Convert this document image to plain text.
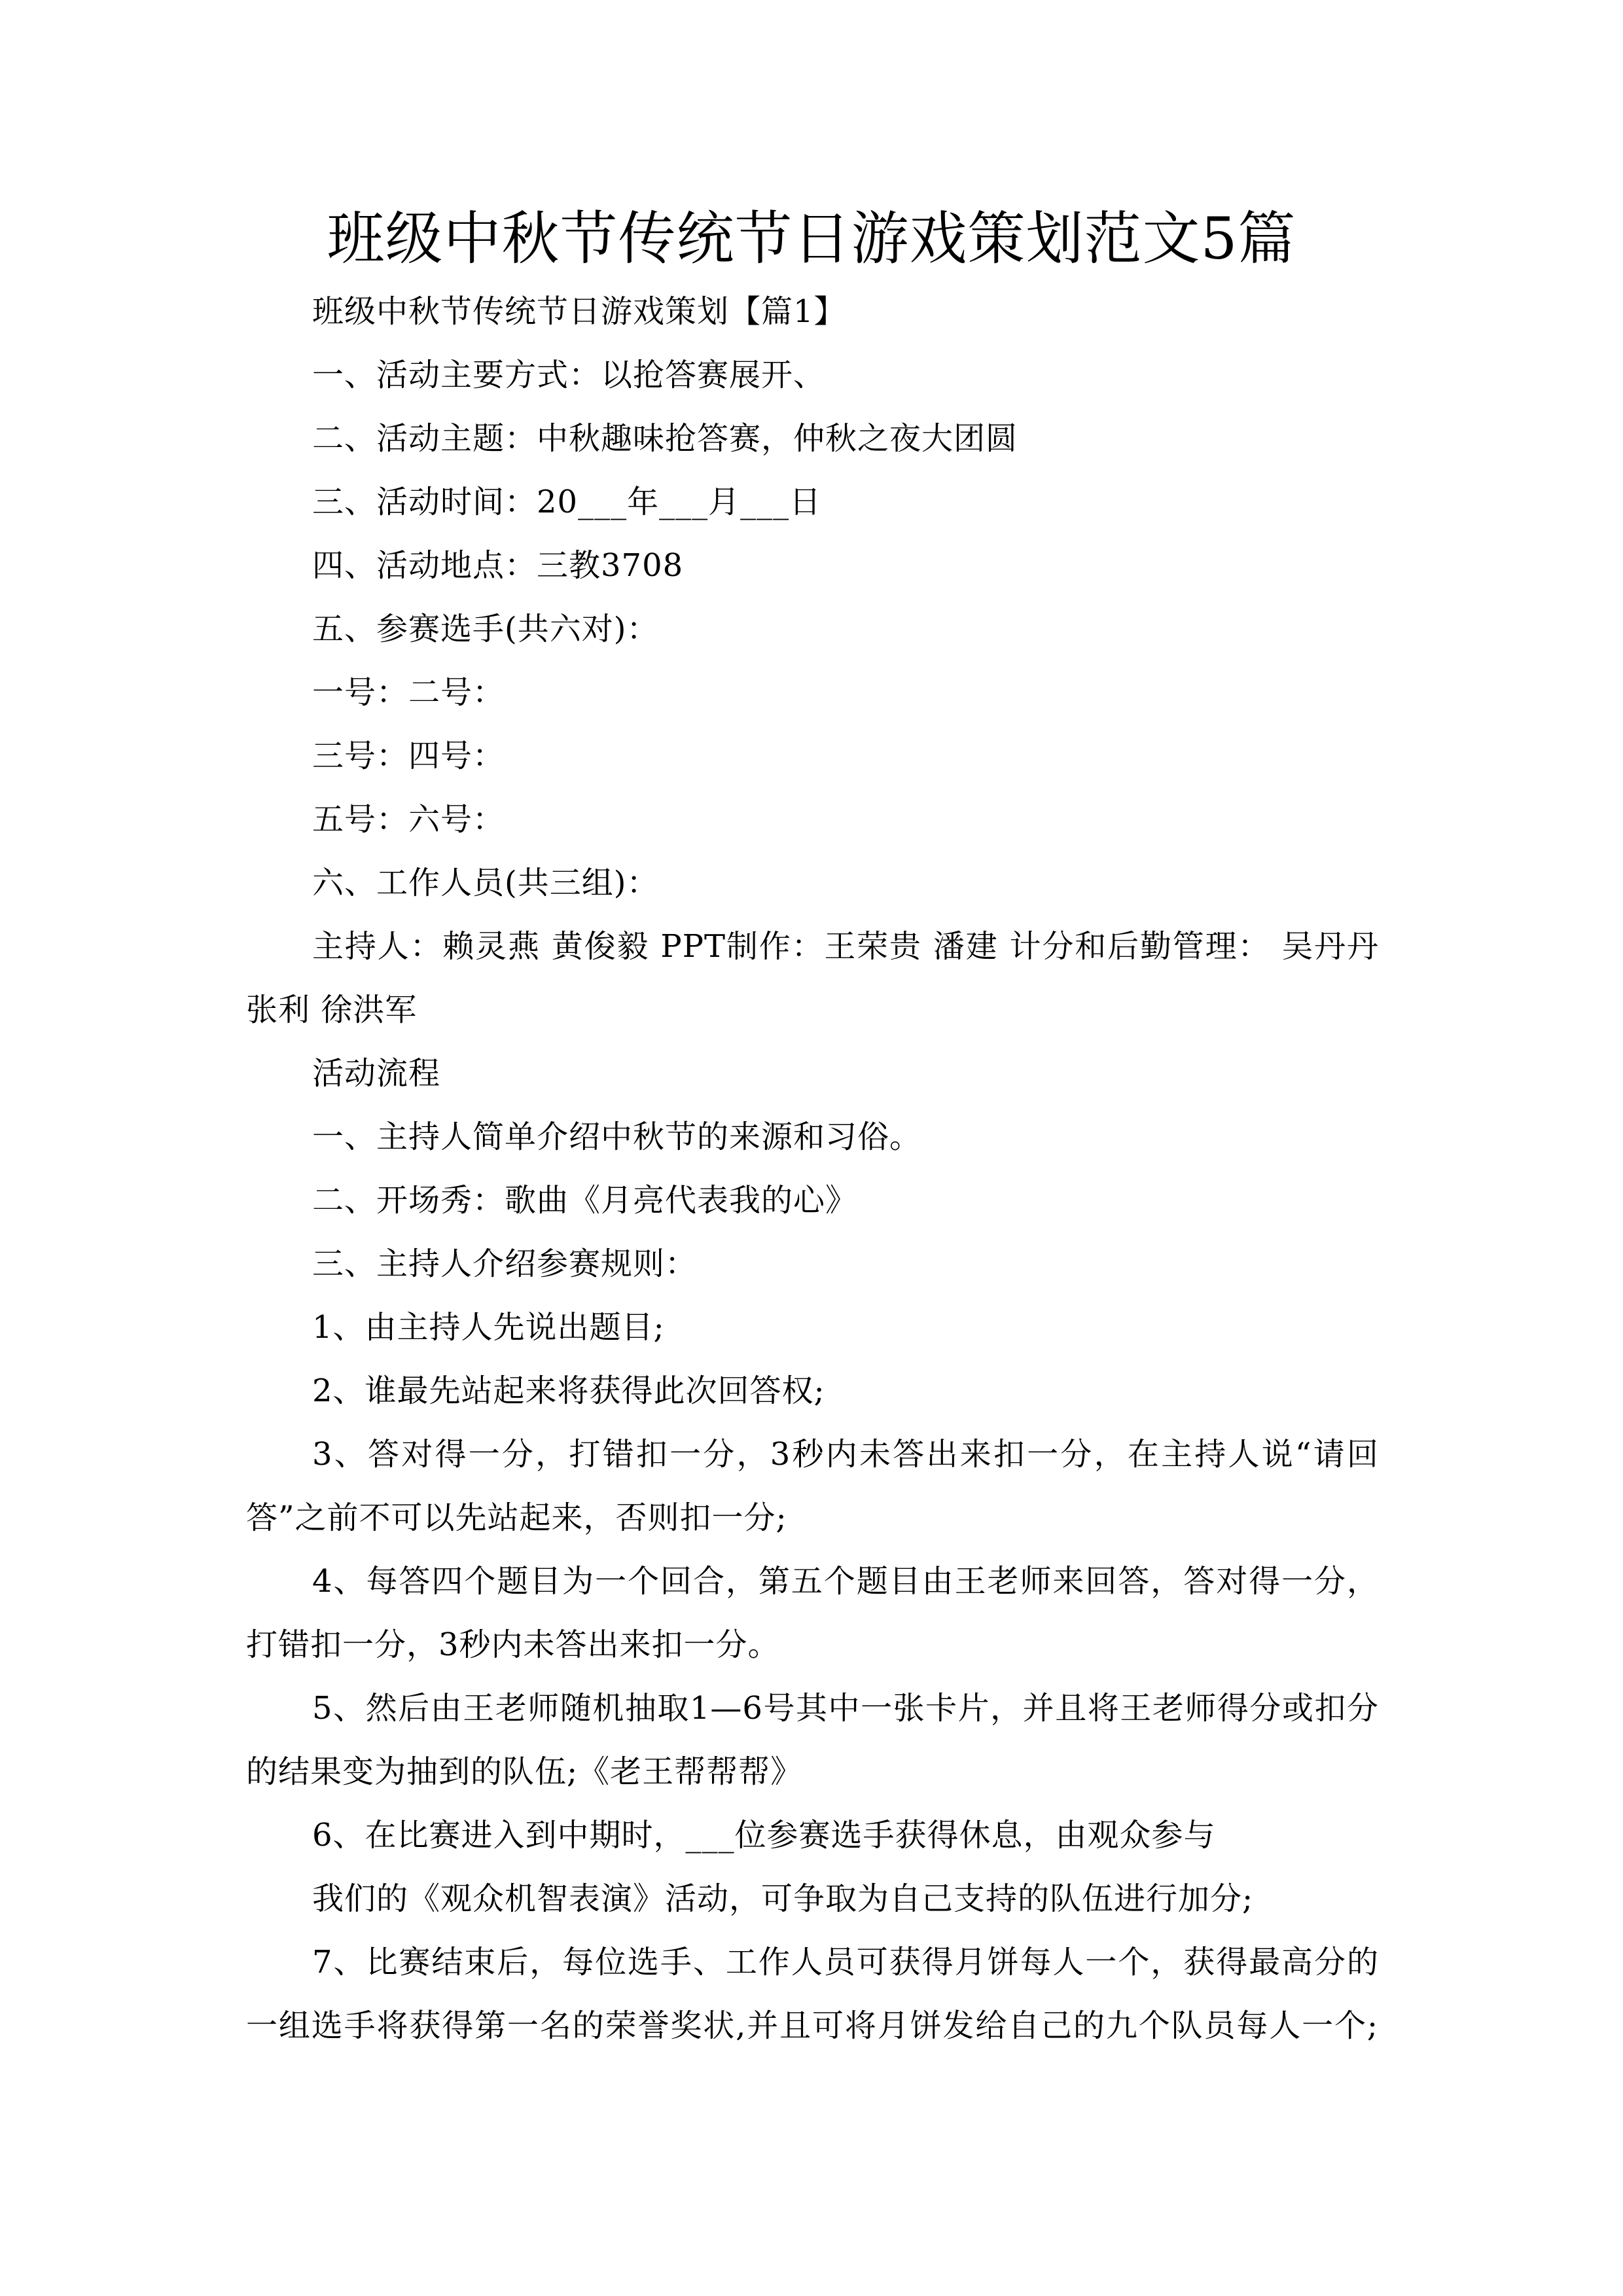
班级中秋节传统节日游戏策划范文5篇
班级中秋节传统节日游戏策划【篇1】
一、活动主要方式：以抢答赛展开、
二、活动主题：中秋趣味抢答赛，仲秋之夜大团圆
三、活动时间：20___年___月___日
四、活动地点：三教3708
五、参赛选手(共六对)：
一号：二号：
三号：四号：
五号：六号：
六、工作人员(共三组)：
主持人：赖灵燕 黄俊毅 PPT制作：王荣贵 潘建 计分和后勤管理： 吴丹丹
张利 徐洪军
活动流程
一、主持人简单介绍中秋节的来源和习俗。
二、开场秀：歌曲《月亮代表我的心》
三、主持人介绍参赛规则：
1、由主持人先说出题目;
2、谁最先站起来将获得此次回答权;
3、答对得一分，打错扣一分，3秒内未答出来扣一分，在主持人说“请回
答”之前不可以先站起来，否则扣一分;
4、每答四个题目为一个回合，第五个题目由王老师来回答，答对得一分，
打错扣一分，3秒内未答出来扣一分。
5、然后由王老师随机抽取1—6号其中一张卡片，并且将王老师得分或扣分
的结果变为抽到的队伍;《老王帮帮帮》
6、在比赛进入到中期时，___位参赛选手获得休息，由观众参与
我们的《观众机智表演》活动，可争取为自己支持的队伍进行加分;
7、比赛结束后，每位选手、工作人员可获得月饼每人一个，获得最高分的
一组选手将获得第一名的荣誉奖状,并且可将月饼发给自己的九个队员每人一个;
